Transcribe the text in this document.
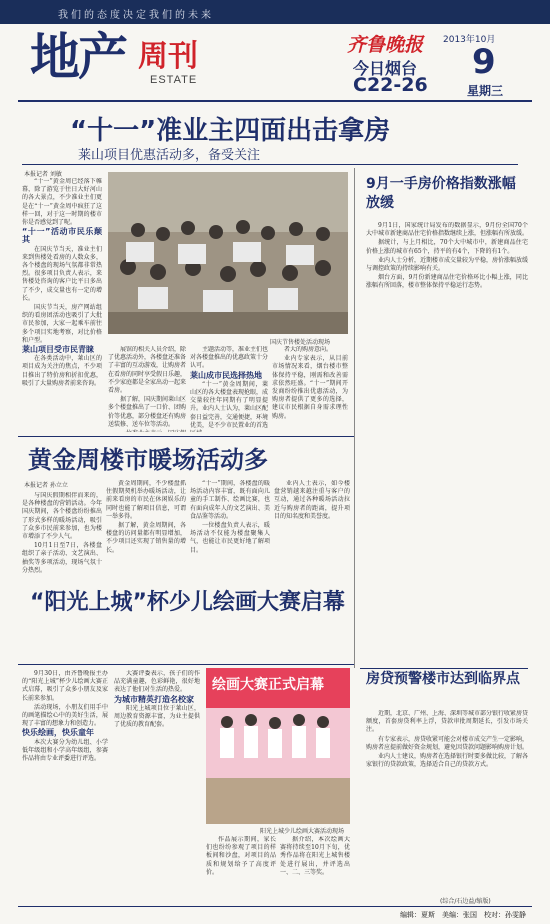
我们的态度决定我们的未来
地产 周刊
ESTATE
齐鲁晚报
今日烟台
C22-26
2013年10月
9
星期三
“十一”准业主四面出击拿房
莱山项目优惠活动多，备受关注
本报记者 刘敏

“十一”黄金周已经落下帷幕，除了游览于往日大好河山的各大景点，不少准业主们更是在“十一”黄金周中疯狂了这样一回，对于这一时期的楼市你是否感觉到了呢。

“十一”活动市民乐颠其

在国庆节当天，准业主们来到售楼处看房的人数众多，各个楼盘的现场气氛都非常热烈。很多项目负责人表示，来售楼处咨询的客户比平日多出了不少，成交量也有一定的增长。

国庆节当天，房产网站组织的看房团活动也吸引了大批市民参加，大家一起乘车前往多个项目实地考察，对比价格和户型。

莱山项目受市民青睐

在各类活动中，莱山区的项目成为关注的焦点，不少项目推出了特价房和折扣优惠，吸引了大量购房者前来咨询。

国庆节售楼处活动现场

展馆的相关人员介绍，除了优惠活动外，各楼盘还准备了丰富的互动游戏，让购房者在看房的同时享受假日乐趣，不少家庭都是全家出动一起来看房。

据了解，国庆期间莱山区多个楼盘推出了一口价、团购价等优惠，部分楼盘还有购房送装修、送车位等活动。

主题活动等，准业主们也对各楼盘推出的优惠政策十分认可。

莱山成市民选择热地

“十一”黄金周期间，莱山区的各大楼盘表现抢眼，成交量较往年同期有了明显提升。业内人士认为，莱山区配套日益完善，交通便捷，环境优美，是不少市民置业的首选

者大的购房意向。

业内专家表示，从目前市场情况来看，烟台楼市整体保持平稳，刚需和改善需求依然旺盛。“十一”期间开发商纷纷推出优惠活动，为购房者提供了更多的选择，建议市民根据自身需求理性购房。

9月一手房价格指数涨幅放缓

9月1日，国家统计局发布的数据显示，9月份全国70个大中城市新建商品住宅价格指数继续上涨，但涨幅有所放缓。

据统计，与上月相比，70个大中城市中，新建商品住宅价格上涨的城市有65个，持平的有4个，下降的有1个。

业内人士分析，近期楼市成交量较为平稳，房价涨幅放缓与调控政策的持续影响有关。

烟台方面，9月份新建商品住宅价格环比小幅上涨，同比涨幅有所回落，楼市整体保持平稳运行态势。

黄金周楼市暖场活动多
本报记者 孙立立

与国庆假期相伴而来的，是各种楼盘的营销活动。今年国庆期间，各个楼盘纷纷推出了形式多样的暖场活动，吸引了众多市民前来参加，也为楼市增添了不少人气。

10月1日至7日，各楼盘组织了亲子活动、文艺演出、抽奖等多项活动，现场气氛十分热烈。

黄金周期间，不少楼盘抓住假期契机举办暖场活动，让前来看房的市民在休闲娱乐的同时也能了解项目信息，可谓一举多得。

据了解，黄金周期间，各楼盘的访问量都有明显增加，不少项目还实现了销售量的增长。

“十一”期间，各楼盘的暖场活动内容丰富，既有面向儿童的手工制作、绘画比赛，也有面向成年人的文艺演出、美食品鉴等活动。

一位楼盘负责人表示，暖场活动不仅能为楼盘聚集人气，也能让市民更好地了解项目。

业内人士表示，如今楼盘营销越来越注重与客户的互动，通过各种暖场活动拉近与购房者的距离，提升项目的知名度和美誉度。

“阳光上城”杯少儿绘画大赛启幕

9月30日，由齐鲁晚报主办的“阳光上城”杯少儿绘画大赛正式启幕，吸引了众多小朋友及家长前来参加。

活动现场，小朋友们用手中的画笔描绘心中的美好生活，展现了丰富的想象力和创造力。

快乐绘画，快乐童年

本次大赛分为幼儿组、小学低年级组和小学高年级组，参赛作品将由专业评委进行评选。

大赛评委表示，孩子们的作品充满童趣，色彩鲜艳，很好地表达了他们对生活的热爱。

为城市精英打造名校家

阳光上城项目位于莱山区，周边教育资源丰富，为业主提供了优质的教育配套。

绘画大赛正式启幕
阳光上城少儿绘画大赛活动现场

作品展示期间，家长们也纷纷参观了项目的样板间和沙盘，对项目的品质和规划给予了高度评价。

据介绍，本次绘画大赛将持续至10月下旬，优秀作品将在阳光上城售楼处进行展出，并评选出一、二、三等奖。

房贷预警楼市达到临界点

近期，北京、广州、上海、深圳等城市部分银行收紧房贷额度，首套房贷利率上浮，贷款审批周期延长，引发市场关注。

有专家表示，房贷收紧可能会对楼市成交产生一定影响，购房者应提前做好资金规划，避免因贷款问题影响购房计划。

业内人士建议，购房者在选择银行时要多做比较，了解各家银行的贷款政策，选择适合自己的贷款方式。

(综合/石边益/缩版)
编辑：夏斯　美编：张国　校对：孙雯静
